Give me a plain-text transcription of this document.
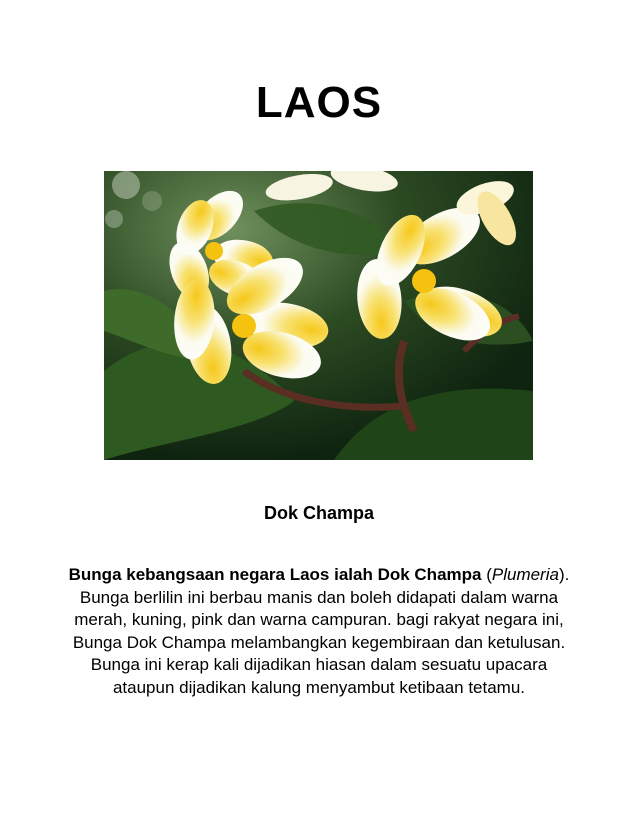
LAOS
Dok Champa

Bunga kebangsaan negara Laos ialah Dok Champa (Plumeria). Bunga berlilin ini berbau manis dan boleh didapati dalam warna merah, kuning, pink dan warna campuran. bagi rakyat negara ini, Bunga Dok Champa melambangkan kegembiraan dan ketulusan. Bunga ini kerap kali dijadikan hiasan dalam sesuatu upacara ataupun dijadikan kalung menyambut ketibaan tetamu.
